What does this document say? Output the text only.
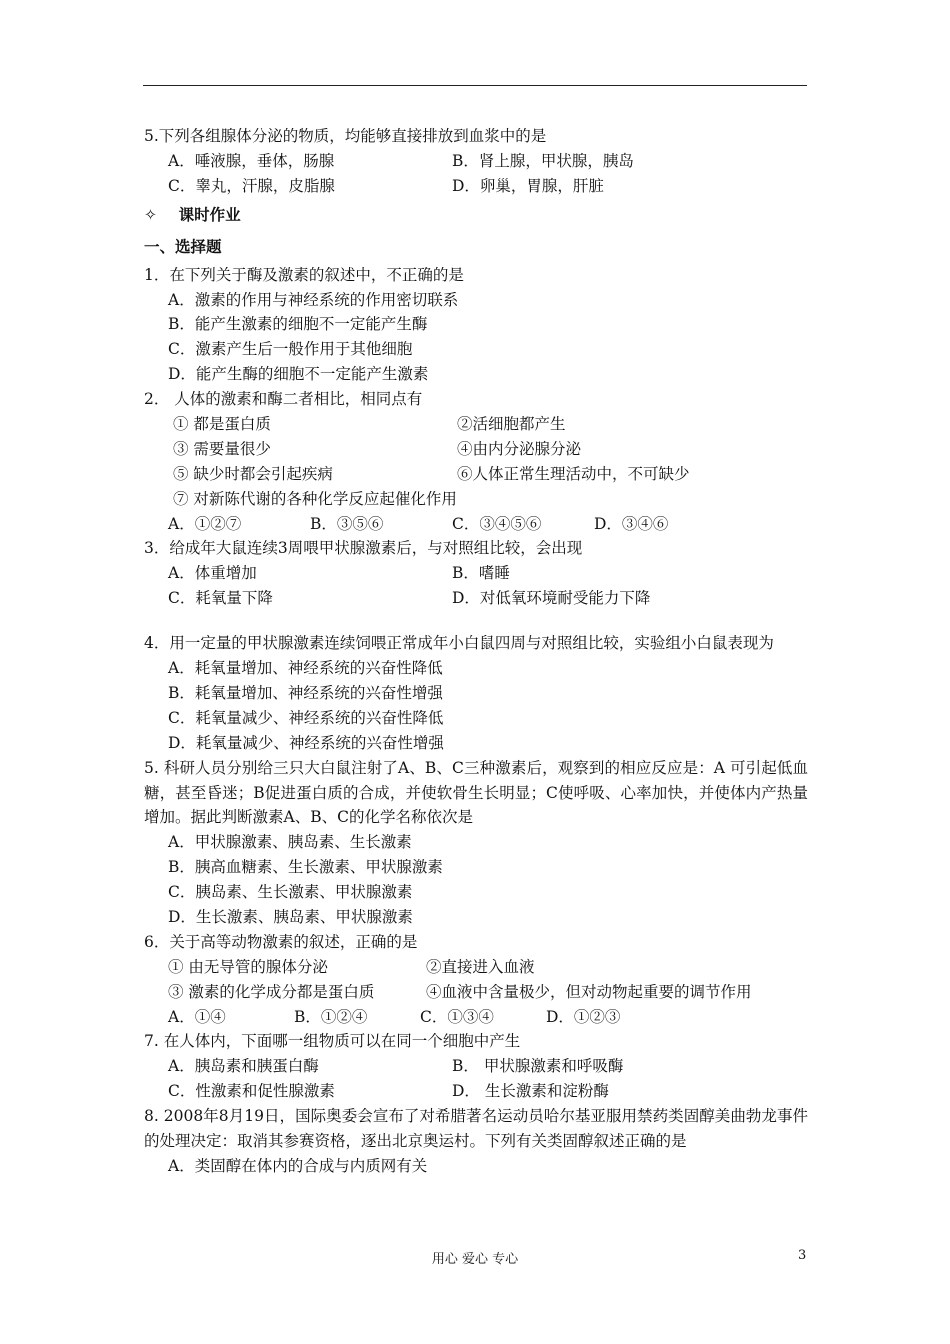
5.下列各组腺体分泌的物质，均能够直接排放到血浆中的是
A．唾液腺，垂体，肠腺	B．肾上腺，甲状腺，胰岛
C．睾丸，汗腺，皮脂腺	D．卵巢，胃腺，肝脏
✧ 课时作业
一、选择题
1．在下列关于酶及激素的叙述中，不正确的是
A．激素的作用与神经系统的作用密切联系
B．能产生激素的细胞不一定能产生酶
C．激素产生后一般作用于其他细胞
D．能产生酶的细胞不一定能产生激素
2． 人体的激素和酶二者相比，相同点有
① 都是蛋白质	②活细胞都产生
③ 需要量很少	④由内分泌腺分泌
⑤ 缺少时都会引起疾病	⑥人体正常生理活动中，不可缺少
⑦ 对新陈代谢的各种化学反应起催化作用
A．①②⑦	B．③⑤⑥	C．③④⑤⑥	D．③④⑥
3．给成年大鼠连续3周喂甲状腺激素后，与对照组比较，会出现
A．体重增加	B．嗜睡
C．耗氧量下降	D．对低氧环境耐受能力下降
4．用一定量的甲状腺激素连续饲喂正常成年小白鼠四周与对照组比较，实验组小白鼠表现为
A．耗氧量增加、神经系统的兴奋性降低
B．耗氧量增加、神经系统的兴奋性增强
C．耗氧量减少、神经系统的兴奋性降低
D．耗氧量减少、神经系统的兴奋性增强
5. 科研人员分别给三只大白鼠注射了A、B、C三种激素后，观察到的相应反应是：A 可引起低血糖，甚至昏迷；B促进蛋白质的合成，并使软骨生长明显；C使呼吸、心率加快，并使体内产热量增加。据此判断激素A、B、C的化学名称依次是
A．甲状腺激素、胰岛素、生长激素
B．胰高血糖素、生长激素、甲状腺激素
C．胰岛素、生长激素、甲状腺激素
D．生长激素、胰岛素、甲状腺激素
6．关于高等动物激素的叙述，正确的是
① 由无导管的腺体分泌	②直接进入血液
③ 激素的化学成分都是蛋白质	④血液中含量极少，但对动物起重要的调节作用
A．①④	B．①②④	C．①③④	D．①②③
7. 在人体内，下面哪一组物质可以在同一个细胞中产生
A．胰岛素和胰蛋白酶	B． 甲状腺激素和呼吸酶
C．性激素和促性腺激素	D． 生长激素和淀粉酶
8. 2008年8月19日，国际奥委会宣布了对希腊著名运动员哈尔基亚服用禁药类固醇美曲勃龙事件的处理决定：取消其参赛资格，逐出北京奥运村。下列有关类固醇叙述正确的是
A．类固醇在体内的合成与内质网有关
用心 爱心 专心	3
